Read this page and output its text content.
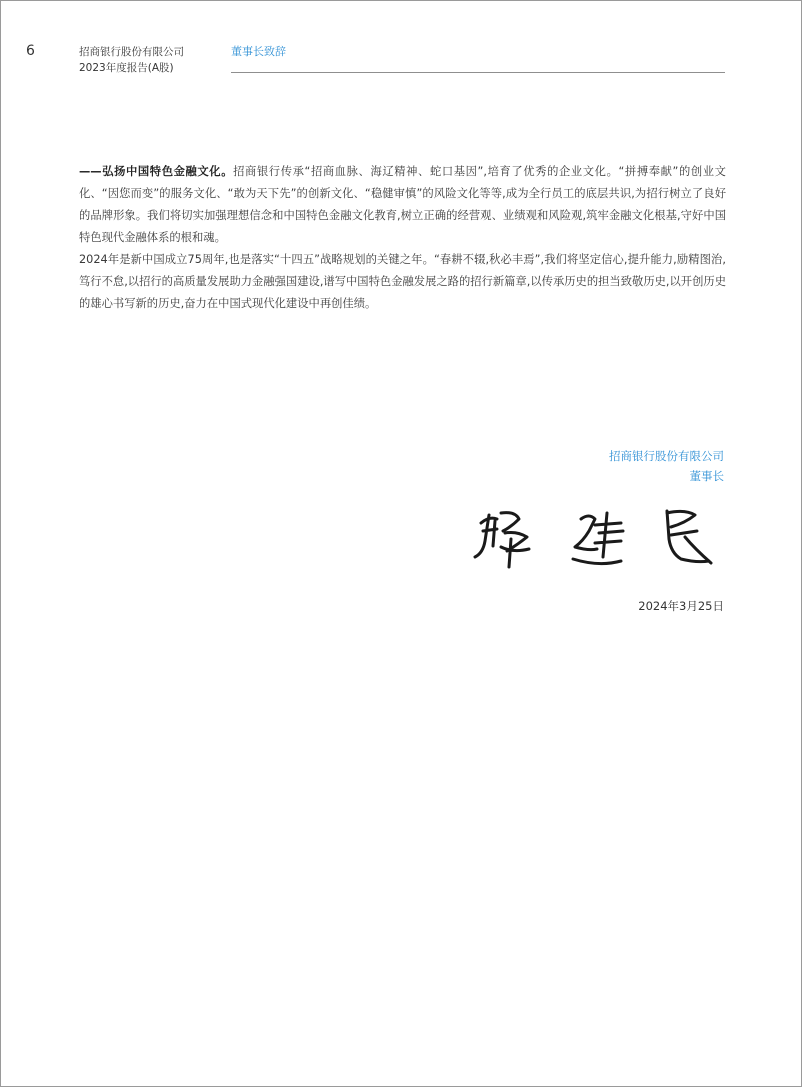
6	招商银行股份有限公司
2023年度报告(A股)
董事长致辞

——弘扬中国特色金融文化。招商银行传承“招商血脉、海辽精神、蛇口基因”,培育了优秀的企业文化。“拼搏奉献”的创业文化、“因您而变”的服务文化、“敢为天下先”的创新文化、“稳健审慎”的风险文化等等,成为全行员工的底层共识,为招行树立了良好的品牌形象。我们将切实加强理想信念和中国特色金融文化教育,树立正确的经营观、业绩观和风险观,筑牢金融文化根基,守好中国特色现代金融体系的根和魂。

2024年是新中国成立75周年,也是落实“十四五”战略规划的关键之年。“春耕不辍,秋必丰焉”,我们将坚定信心,提升能力,励精图治,笃行不怠,以招行的高质量发展助力金融强国建设,谱写中国特色金融发展之路的招行新篇章,以传承历史的担当致敬历史,以开创历史的雄心书写新的历史,奋力在中国式现代化建设中再创佳绩。

招商银行股份有限公司
董事长
2024年3月25日
